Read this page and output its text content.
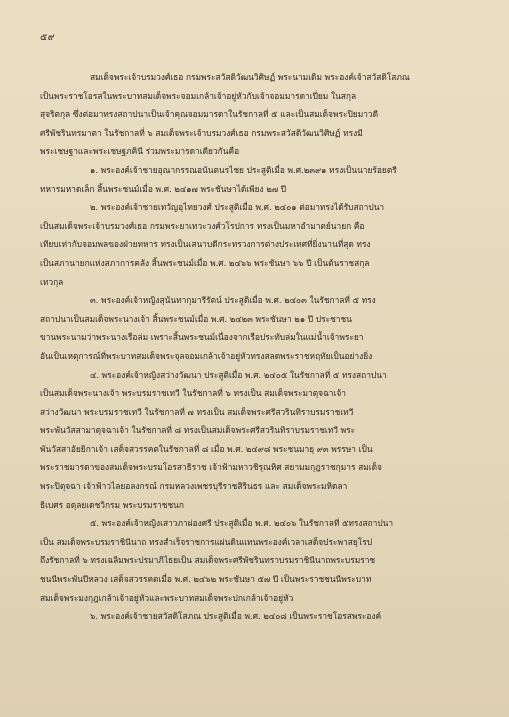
๕๙
สมเด็จพระเจ้าบรมวงศ์เธอ กรมพระสวัสดิวัฒนวิศิษฏ์ พระนามเดิม พระองค์เจ้าสวัสดิโสภณ
เป็นพระราชโอรสในพระบาทสมเด็จพระจอมเกล้าเจ้าอยู่หัวกับเจ้าจอมมารดาเปี่ยม ในสกุล
สุจริตกุล ซึ่งต่อมาทรงสถาปนาเป็นเจ้าคุณจอมมารดาในรัชกาลที่ ๕ และเป็นสมเด็จพระปิยมาวดี
ศรีพัชรินทรมาตา ในรัชกาลที่ ๖ สมเด็จพระเจ้าบรมวงศ์เธอ กรมพระสวัสดิวัฒนวิศิษฏ์ ทรงมี
พระเชษฐาและพระเชษฐภคินี ร่วมพระมารดาเดียวกันคือ
๑. พระองค์เจ้าชายอุณากรรณอนันตนรไชย ประสูติเมื่อ พ.ศ.๒๓๙๑ ทรงเป็นนายร้อยตรี
ทหารมหาดเล็ก สิ้นพระชนม์เมื่อ พ.ศ. ๒๔๑๗ พระชันษาได้เพียง ๒๗ ปี
๒. พระองค์เจ้าชายเทวัญอุไทยวงศ์ ประสูติเมื่อ พ.ศ. ๒๔๐๑ ต่อมาทรงได้รับสถาปนา
เป็นสมเด็จพระเจ้าบรมวงศ์เธอ กรมพระยาเทวะวงศ์วโรปการ ทรงเป็นมหาอำมาตย์นายก คือ
เทียบเท่ากับจอมพลของฝ่ายทหาร ทรงเป็นเสนาบดีกระทรวงการต่างประเทศที่ยิ่งนานที่สุด ทรง
เป็นสภานายกแห่งสภาการคลัง สิ้นพระชนม์เมื่อ พ.ศ. ๒๔๖๖ พระชันษา ๖๖ ปี เป็นต้นราชสกุล
เทวกุล
๓. พระองค์เจ้าหญิงสุนันทากุมารีรัตน์ ประสูติเมื่อ พ.ศ. ๒๔๐๓ ในรัชกาลที่ ๕ ทรง
สถาปนาเป็นสมเด็จพระนางเจ้า สิ้นพระชนม์เมื่อ พ.ศ. ๒๔๒๓ พระชันษา ๒๑ ปี ประชาชน
ขานพระนามว่าพระนางเรือล่ม เพราะสิ้นพระชนม์เนื่องจากเรือประทับล่มในแม่น้ำเจ้าพระยา
อันเป็นเหตุการณ์ที่พระบาทสมเด็จพระจุลจอมเกล้าเจ้าอยู่หัวทรงสลดพระราชหฤทัยเป็นอย่างยิ่ง
๔. พระองค์เจ้าหญิงสว่างวัฒนา ประสูติเมื่อ พ.ศ. ๒๔๐๕ ในรัชกาลที่ ๕ ทรงสถาปนา
เป็นสมเด็จพระนางเจ้า พระบรมราชเทวี ในรัชกาลที่ ๖ ทรงเป็น สมเด็จพระมาตุจฉาเจ้า
สว่างวัฒนา พระบรมราชเทวี ในรัชกาลที่ ๗ ทรงเป็น สมเด็จพระศรีสวรินทิราบรมราชเทวี
พระพันวัสสามาตุจฉาเจ้า ในรัชกาลที่ ๘ ทรงเป็นสมเด็จพระศรีสวรินทิราบรมราชเทวี พระ
พันวัสสาอัยยิกาเจ้า เสด็จสวรรคตในรัชกาลที่ ๘ เมื่อ พ.ศ. ๒๔๙๘ พระชนมายุ ๙๓ พรรษา เป็น
พระราชมารดาของสมเด็จพระบรมโอรสาธิราช เจ้าฟ้ามหาวชิรุณหิศ สยามมกุฎราชกุมาร สมเด็จ
พระปิตุจฉา เจ้าฟ้าวไลยอลงกรณ์ กรมหลวงเพชรบุรีราชสิรินธร และ สมเด็จพระมหิดลา
ธิเบศร อดุลยเดชวิกรม พระบรมราชชนก
๕. พระองค์เจ้าหญิงเสาวภาผ่องศรี ประสูติเมื่อ พ.ศ. ๒๔๐๖ ในรัชกาลที่ ๕ทรงสถาปนา
เป็น สมเด็จพระบรมราชินีนาถ ทรงสำเร็จราชการแผ่นดินแทนพระองค์เวลาเสด็จประพาสยุโรป
ถึงรัชกาลที่ ๖ ทรงเฉลิมพระปรมาภิไธยเป็น สมเด็จพระศรีพัชรินทราบรมราชินีนาถพระบรมราช
ชนนีพระพันปีหลวง เสด็จสวรรคตเมื่อ พ.ศ. ๒๔๖๒ พระชันษา ๕๗ ปี เป็นพระราชชนนีพระบาท
สมเด็จพระมงกุฎเกล้าเจ้าอยู่หัวและพระบาทสมเด็จพระปกเกล้าเจ้าอยู่หัว
๖. พระองค์เจ้าชายสวัสดิโสภณ ประสูติเมื่อ พ.ศ. ๒๔๐๘ เป็นพระราชโอรสพระองค์
